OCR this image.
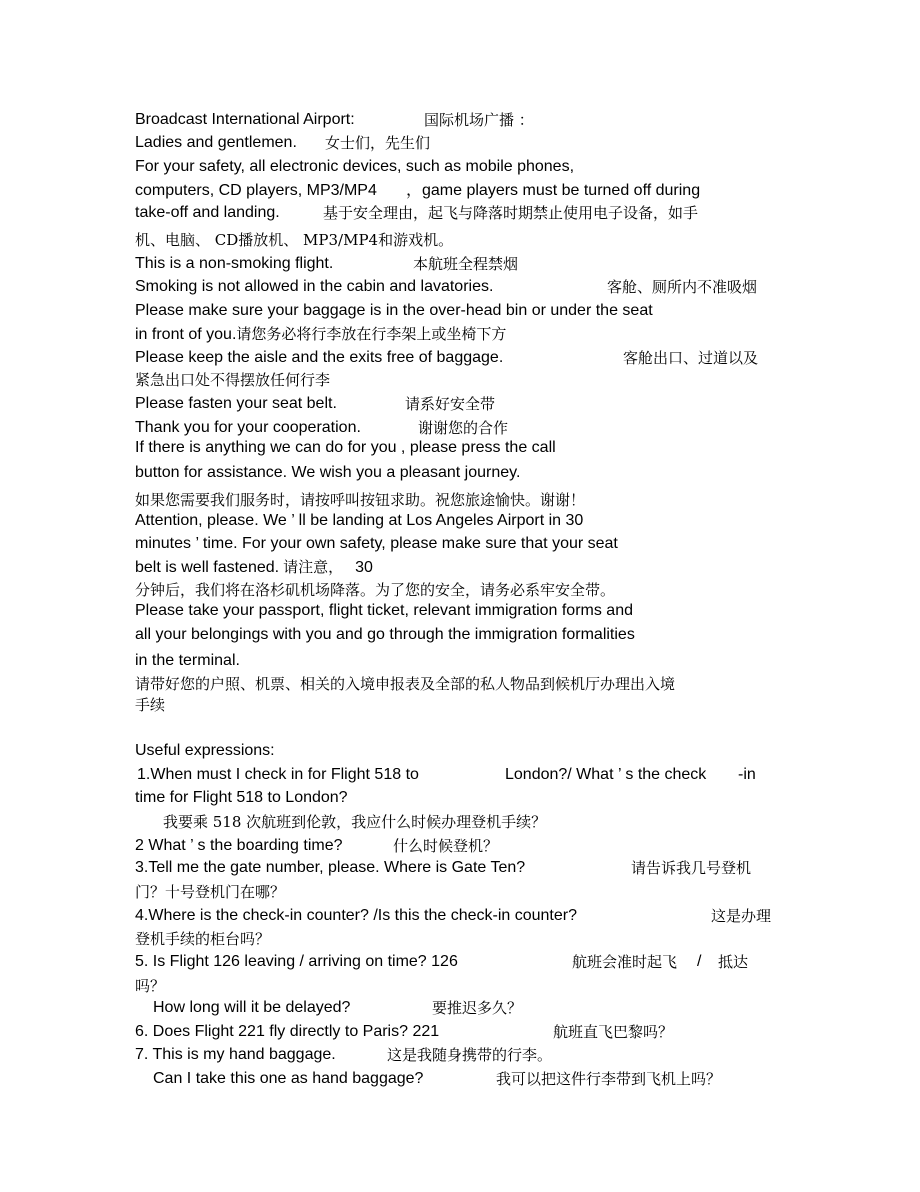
Broadcast International Airport:	国际机场广播 ：
Ladies and gentlemen. 女士们，先生们
For your safety, all electronic devices, such as mobile phones,
computers, CD players, MP3/MP4 ，game players must be turned off during
take-off and landing.	基于安全理由，起飞与降落时期禁止使用电子设备，如手
机、电脑、 CD播放机、 MP3/MP4和游戏机。
This is a non-smoking flight.	本航班全程禁烟
Smoking is not allowed in the cabin and lavatories.	客舱、厕所内不准吸烟
Please make sure your baggage is in the over-head bin or under the seat
in front of you.请您务必将行李放在行李架上或坐椅下方
Please keep the aisle and the exits free of baggage.	客舱出口、过道以及
紧急出口处不得摆放任何行李
Please fasten your seat belt.	请系好安全带
Thank you for your cooperation.	谢谢您的合作
If there is anything we can do for you , please press the call
button for assistance. We wish you a pleasant journey.
如果您需要我们服务时，请按呼叫按钮求助。祝您旅途愉快。谢谢！
Attention, please. We ’ ll be landing at Los Angeles Airport in 30
minutes ’ time. For your own safety, please make sure that your seat
belt is well fastened. 请注意， 30
分钟后，我们将在洛杉矶机场降落。为了您的安全，请务必系牢安全带。
Please take your passport, flight ticket, relevant immigration forms and
all your belongings with you and go through the immigration formalities
in the terminal.
请带好您的户照、机票、相关的入境申报表及全部的私人物品到候机厅办理出入境
手续
Useful expressions:
1.When must I check in for Flight 518 to	London?/ What ’ s the check -in
time for Flight 518 to London?
我要乘 518 次航班到伦敦，我应什么时候办理登机手续？
2 What ’ s the boarding time?	什么时候登机？
3.Tell me the gate number, please. Where is Gate Ten?	请告诉我几号登机
门？十号登机门在哪？
4.Where is the check-in counter? /Is this the check-in counter?	这是办理
登机手续的柜台吗？
5. Is Flight 126 leaving / arriving on time? 126	航班会准时起飞 / 抵达
吗？
How long will it be delayed?	要推迟多久？
6. Does Flight 221 fly directly to Paris? 221	航班直飞巴黎吗？
7. This is my hand baggage.	这是我随身携带的行李。
Can I take this one as hand baggage?	我可以把这件行李带到飞机上吗？
